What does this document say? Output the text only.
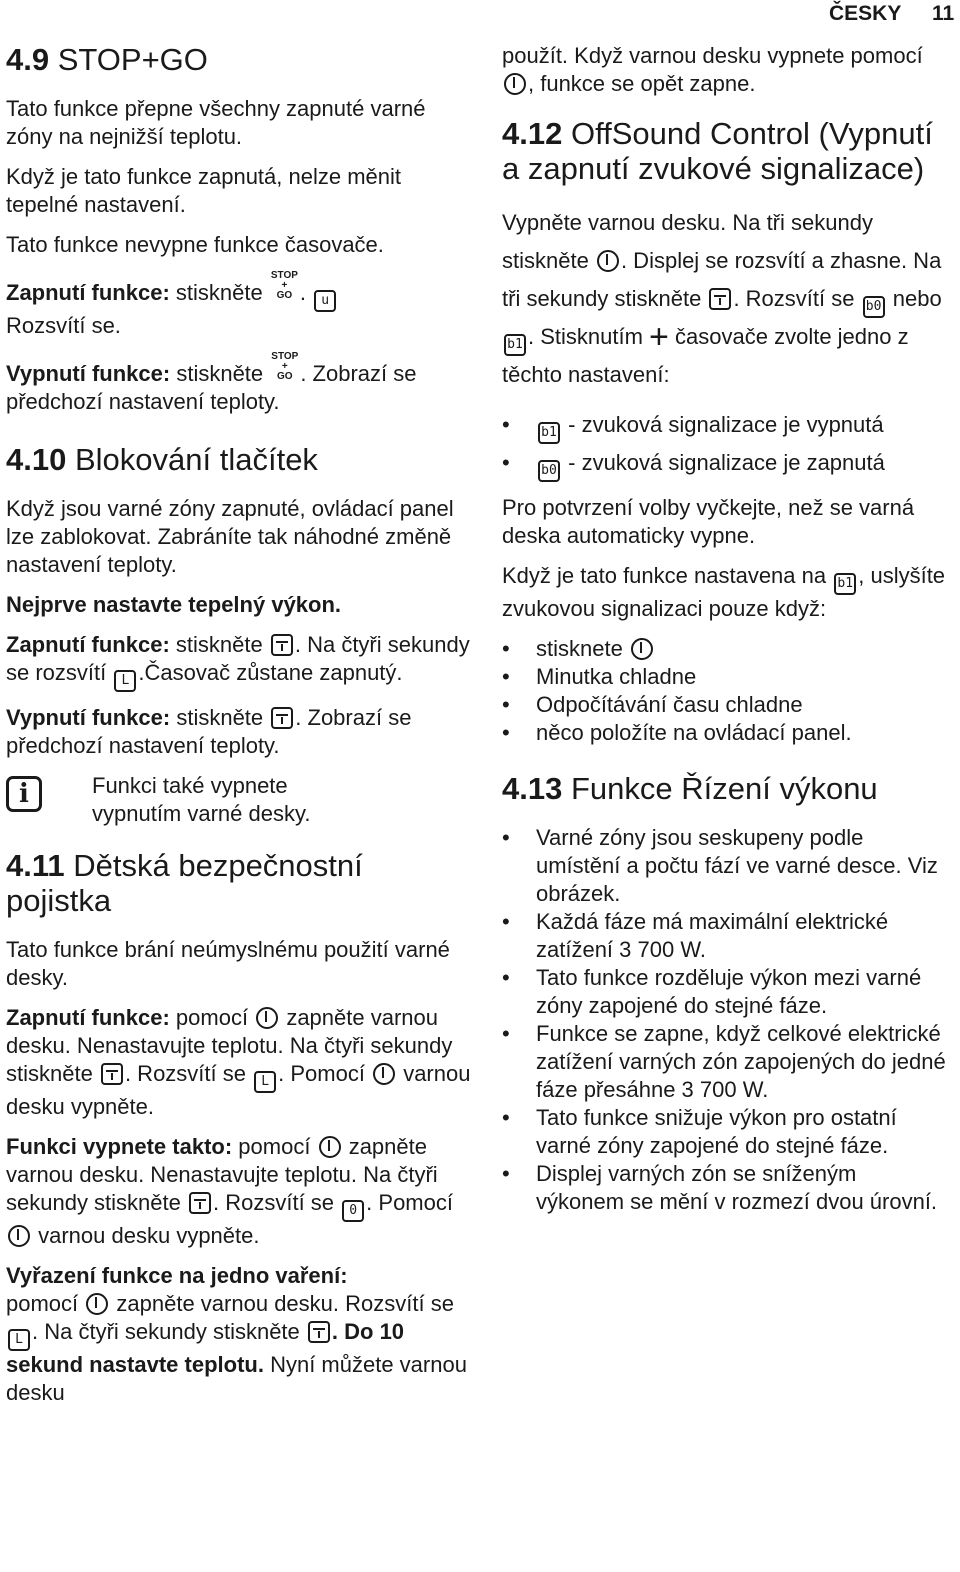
ČESKY 11
4.9 STOP+GO

Tato funkce přepne všechny zapnuté varné zóny na nejnižší teplotu.

Když je tato funkce zapnutá, nelze měnit tepelné nastavení.

Tato funkce nevypne funkce časovače.

Zapnutí funkce: stiskněte STOP
+
GO . u
Rozsvítí se.

Vypnutí funkce: stiskněte STOP
+
GO . Zobrazí se předchozí nastavení teploty.

4.10 Blokování tlačítek

Když jsou varné zóny zapnuté, ovládací panel lze zablokovat. Zabráníte tak náhodné změně nastavení teploty.

Nejprve nastavte tepelný výkon.

Zapnutí funkce: stiskněte . Na čtyři sekundy se rozsvítí L .Časovač zůstane zapnutý.

Vypnutí funkce: stiskněte . Zobrazí se předchozí nastavení teploty.

i	Funkci také vypnete vypnutím varné desky.

4.11 Dětská bezpečnostní pojistka

Tato funkce brání neúmyslnému použití varné desky.

Zapnutí funkce: pomocí zapněte varnou desku. Nenastavujte teplotu. Na čtyři sekundy stiskněte . Rozsvítí se L . Pomocí varnou desku vypněte.

Funkci vypnete takto: pomocí zapněte varnou desku. Nenastavujte teplotu. Na čtyři sekundy stiskněte . Rozsvítí se 0 . Pomocí  varnou desku vypněte.

Vyřazení funkce na jedno vaření:
pomocí zapněte varnou desku. Rozsvítí se L . Na čtyři sekundy stiskněte . Do 10 sekund nastavte teplotu. Nyní můžete varnou desku

použít. Když varnou desku vypnete pomocí , funkce se opět zapne.

4.12 OffSound Control (Vypnutí a zapnutí zvukové signalizace)

Vypněte varnou desku. Na tři sekundy stiskněte . Displej se rozsvítí a zhasne. Na tři sekundy stiskněte . Rozsvítí se b0 nebo b1 . Stisknutím + časovače zvolte jedno z těchto nastavení:

• b1 - zvuková signalizace je vypnutá
• b0 - zvuková signalizace je zapnutá

Pro potvrzení volby vyčkejte, než se varná deska automaticky vypne.

Když je tato funkce nastavena na b1 , uslyšíte zvukovou signalizaci pouze když:

• stisknete
• Minutka chladne
• Odpočítávání času chladne
• něco položíte na ovládací panel.
4.13 Funkce Řízení výkonu
• Varné zóny jsou seskupeny podle umístění a počtu fází ve varné desce. Viz obrázek.
• Každá fáze má maximální elektrické zatížení 3 700 W.
• Tato funkce rozděluje výkon mezi varné zóny zapojené do stejné fáze.
• Funkce se zapne, když celkové elektrické zatížení varných zón zapojených do jedné fáze přesáhne 3 700 W.
• Tato funkce snižuje výkon pro ostatní varné zóny zapojené do stejné fáze.
• Displej varných zón se sníženým výkonem se mění v rozmezí dvou úrovní.
